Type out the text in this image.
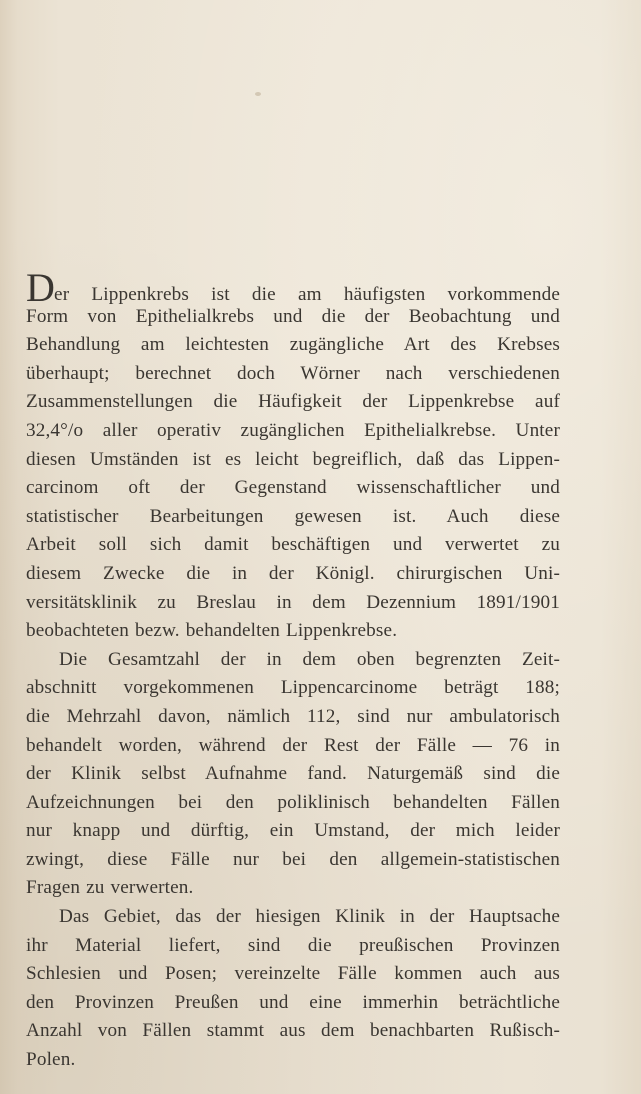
Der Lippenkrebs ist die am häufigsten vorkommende
Form von Epithelialkrebs und die der Beobachtung und
Behandlung am leichtesten zugängliche Art des Krebses
überhaupt; berechnet doch Wörner nach verschiedenen
Zusammenstellungen die Häufigkeit der Lippenkrebse auf
32,4°/o aller operativ zugänglichen Epithelialkrebse. Unter
diesen Umständen ist es leicht begreiflich, daß das Lippen-
carcinom oft der Gegenstand wissenschaftlicher und
statistischer Bearbeitungen gewesen ist. Auch diese
Arbeit soll sich damit beschäftigen und verwertet zu
diesem Zwecke die in der Königl. chirurgischen Uni-
versitätsklinik zu Breslau in dem Dezennium 1891/1901
beobachteten bezw. behandelten Lippenkrebse.
Die Gesamtzahl der in dem oben begrenzten Zeit-
abschnitt vorgekommenen Lippencarcinome beträgt 188;
die Mehrzahl davon, nämlich 112, sind nur ambulatorisch
behandelt worden, während der Rest der Fälle — 76 in
der Klinik selbst Aufnahme fand. Naturgemäß sind die
Aufzeichnungen bei den poliklinisch behandelten Fällen
nur knapp und dürftig, ein Umstand, der mich leider
zwingt, diese Fälle nur bei den allgemein-statistischen
Fragen zu verwerten.
Das Gebiet, das der hiesigen Klinik in der Hauptsache
ihr Material liefert, sind die preußischen Provinzen
Schlesien und Posen; vereinzelte Fälle kommen auch aus
den Provinzen Preußen und eine immerhin beträchtliche
Anzahl von Fällen stammt aus dem benachbarten Rußisch-
Polen.
